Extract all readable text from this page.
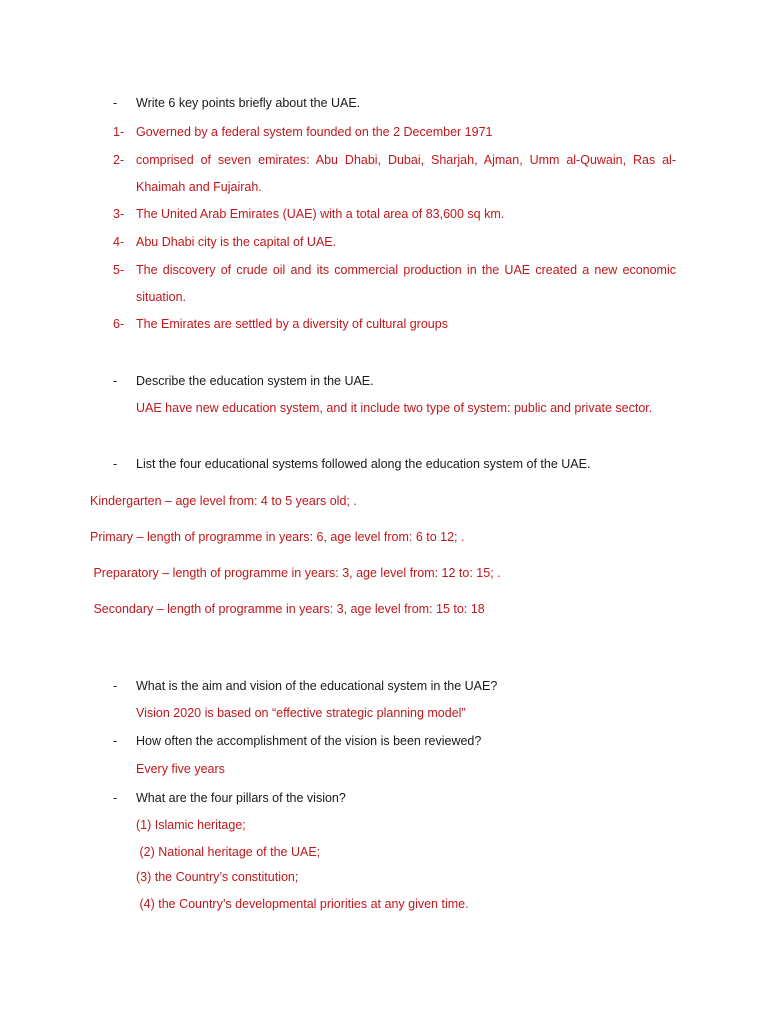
- Write 6 key points briefly about the UAE.
1- Governed by a federal system founded on the 2 December 1971
2- comprised of seven emirates: Abu Dhabi, Dubai, Sharjah, Ajman, Umm al-Quwain, Ras al-
Khaimah and Fujairah.
3- The United Arab Emirates (UAE) with a total area of 83,600 sq km.
4- Abu Dhabi city is the capital of UAE.
5- The discovery of crude oil and its commercial production in the UAE created a new economic
situation.
6- The Emirates are settled by a diversity of cultural groups
- Describe the education system in the UAE.
UAE have new education system, and it include two type of system: public and private sector.
- List the four educational systems followed along the education system of the UAE.
Kindergarten – age level from: 4 to 5 years old; .
Primary – length of programme in years: 6, age level from: 6 to 12; .
Preparatory – length of programme in years: 3, age level from: 12 to: 15; .
Secondary – length of programme in years: 3, age level from: 15 to: 18
- What is the aim and vision of the educational system in the UAE?
Vision 2020 is based on “effective strategic planning model”
- How often the accomplishment of the vision is been reviewed?
Every five years
- What are the four pillars of the vision?
(1) Islamic heritage;
(2) National heritage of the UAE;
(3) the Country’s constitution;
(4) the Country’s developmental priorities at any given time.
